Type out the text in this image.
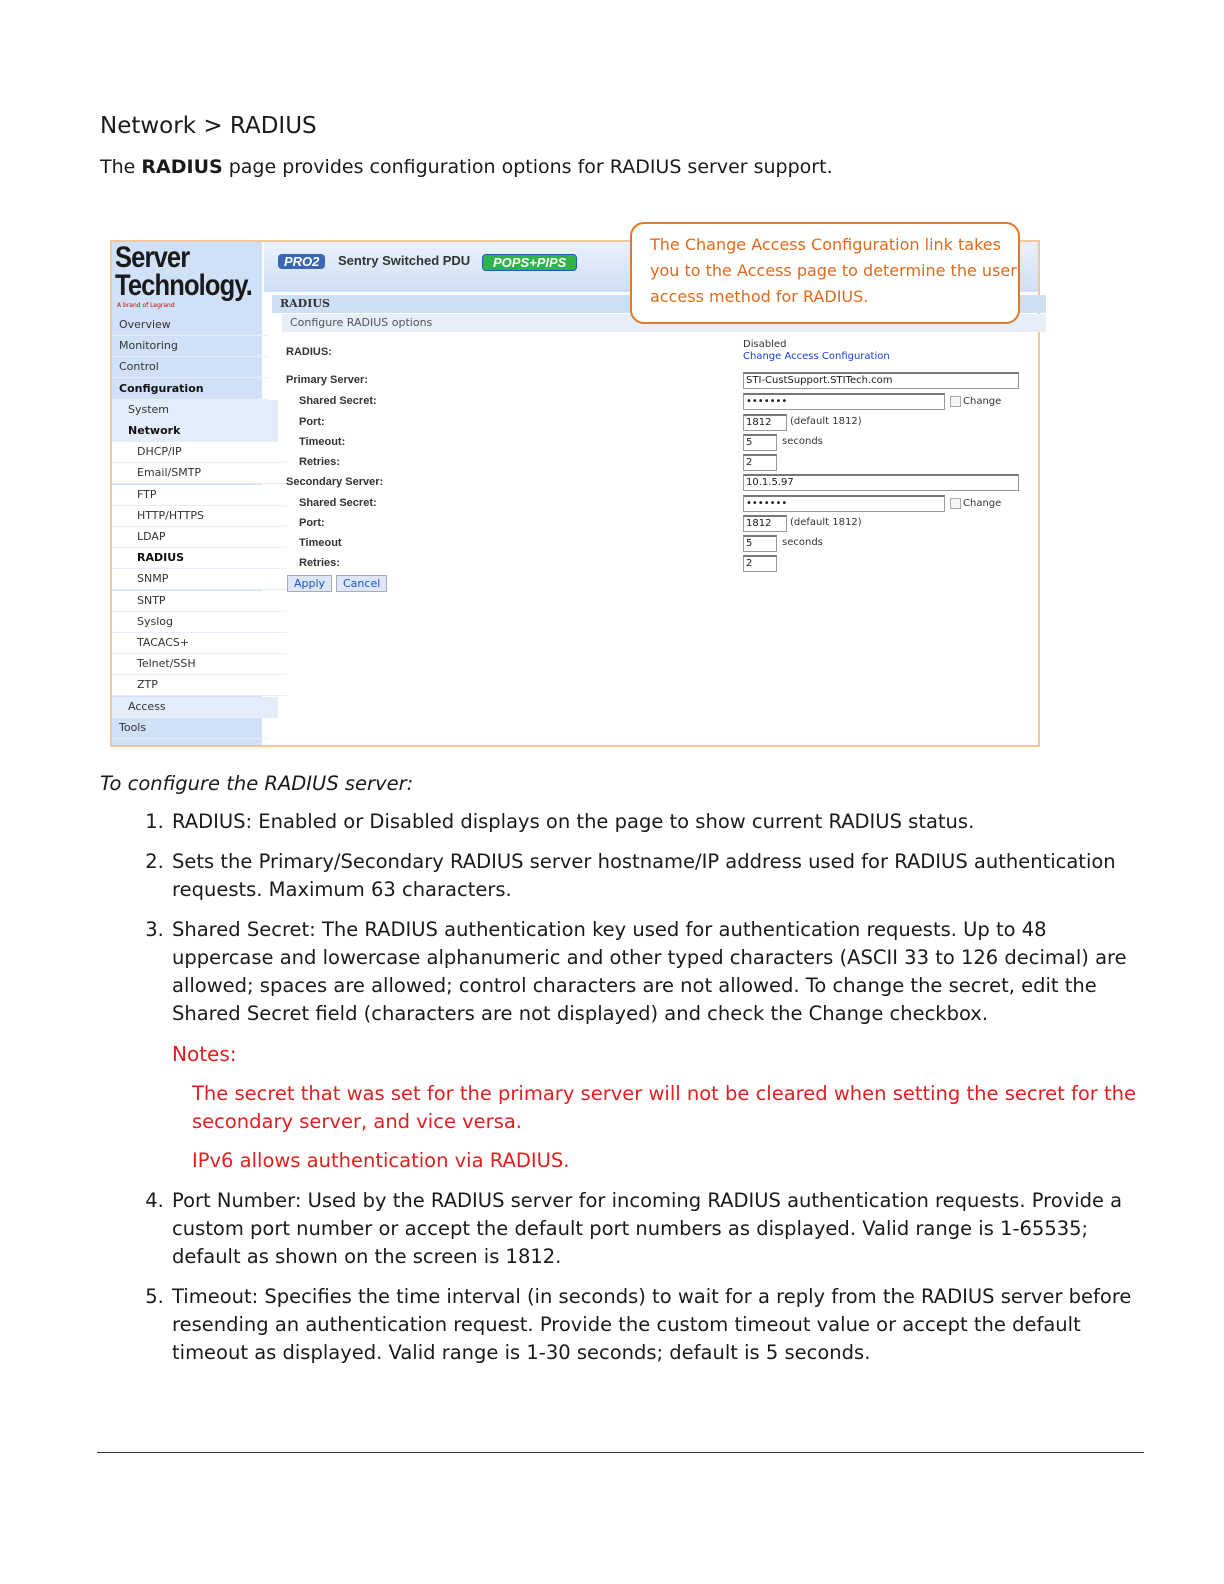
Network > RADIUS
The RADIUS page provides configuration options for RADIUS server support.
Server
Technology.
A brand of Legrand
Overview
Monitoring
Control
Configuration
System
Network
DHCP/IP
Email/SMTP
FTP
HTTP/HTTPS
LDAP
RADIUS
SNMP
SNTP
Syslog
TACACS+
Telnet/SSH
ZTP
Access
Tools
PRO2	Sentry Switched PDU	POPS+PIPS
RADIUS
Configure RADIUS options
RADIUS:
Disabled
Change Access Configuration
Primary Server:	STI-CustSupport.STITech.com
Shared Secret:	•••••••	Change
Port:	1812	(default 1812)
Timeout:	5	seconds
Retries:	2
Secondary Server:	10.1.5.97
Shared Secret:	•••••••	Change
Port:	1812	(default 1812)
Timeout	5	seconds
Retries:	2
Apply	Cancel
The Change Access Configuration link takes you to the Access page to determine the user access method for RADIUS.
To configure the RADIUS server:
1. RADIUS: Enabled or Disabled displays on the page to show current RADIUS status.
2. Sets the Primary/Secondary RADIUS server hostname/IP address used for RADIUS authentication requests. Maximum 63 characters.
3. Shared Secret: The RADIUS authentication key used for authentication requests. Up to 48 uppercase and lowercase alphanumeric and other typed characters (ASCII 33 to 126 decimal) are allowed; spaces are allowed; control characters are not allowed. To change the secret, edit the Shared Secret field (characters are not displayed) and check the Change checkbox.
Notes:
The secret that was set for the primary server will not be cleared when setting the secret for the secondary server, and vice versa.
IPv6 allows authentication via RADIUS.
4. Port Number: Used by the RADIUS server for incoming RADIUS authentication requests. Provide a custom port number or accept the default port numbers as displayed. Valid range is 1-65535; default as shown on the screen is 1812.
5. Timeout: Specifies the time interval (in seconds) to wait for a reply from the RADIUS server before resending an authentication request. Provide the custom timeout value or accept the default timeout as displayed. Valid range is 1-30 seconds; default is 5 seconds.
